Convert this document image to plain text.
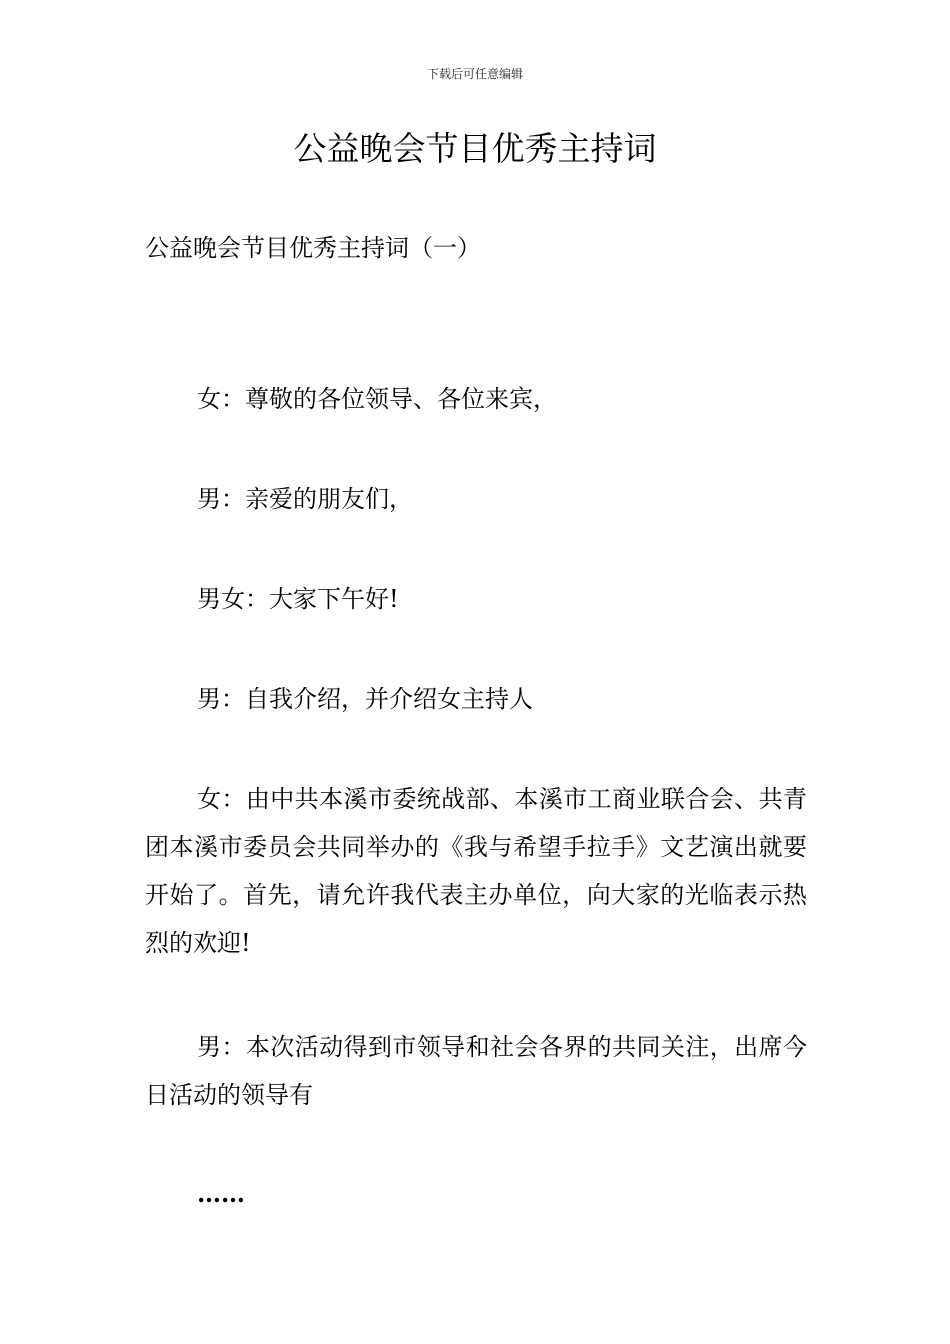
下载后可任意编辑
公益晚会节目优秀主持词

公益晚会节目优秀主持词（一）

女：尊敬的各位领导、各位来宾，

男：亲爱的朋友们，

男女：大家下午好!

男：自我介绍，并介绍女主持人

女：由中共本溪市委统战部、本溪市工商业联合会、共青团本溪市委员会共同举办的《我与希望手拉手》文艺演出就要开始了。首先，请允许我代表主办单位，向大家的光临表示热烈的欢迎!

男：本次活动得到市领导和社会各界的共同关注，出席今日活动的领导有

……
